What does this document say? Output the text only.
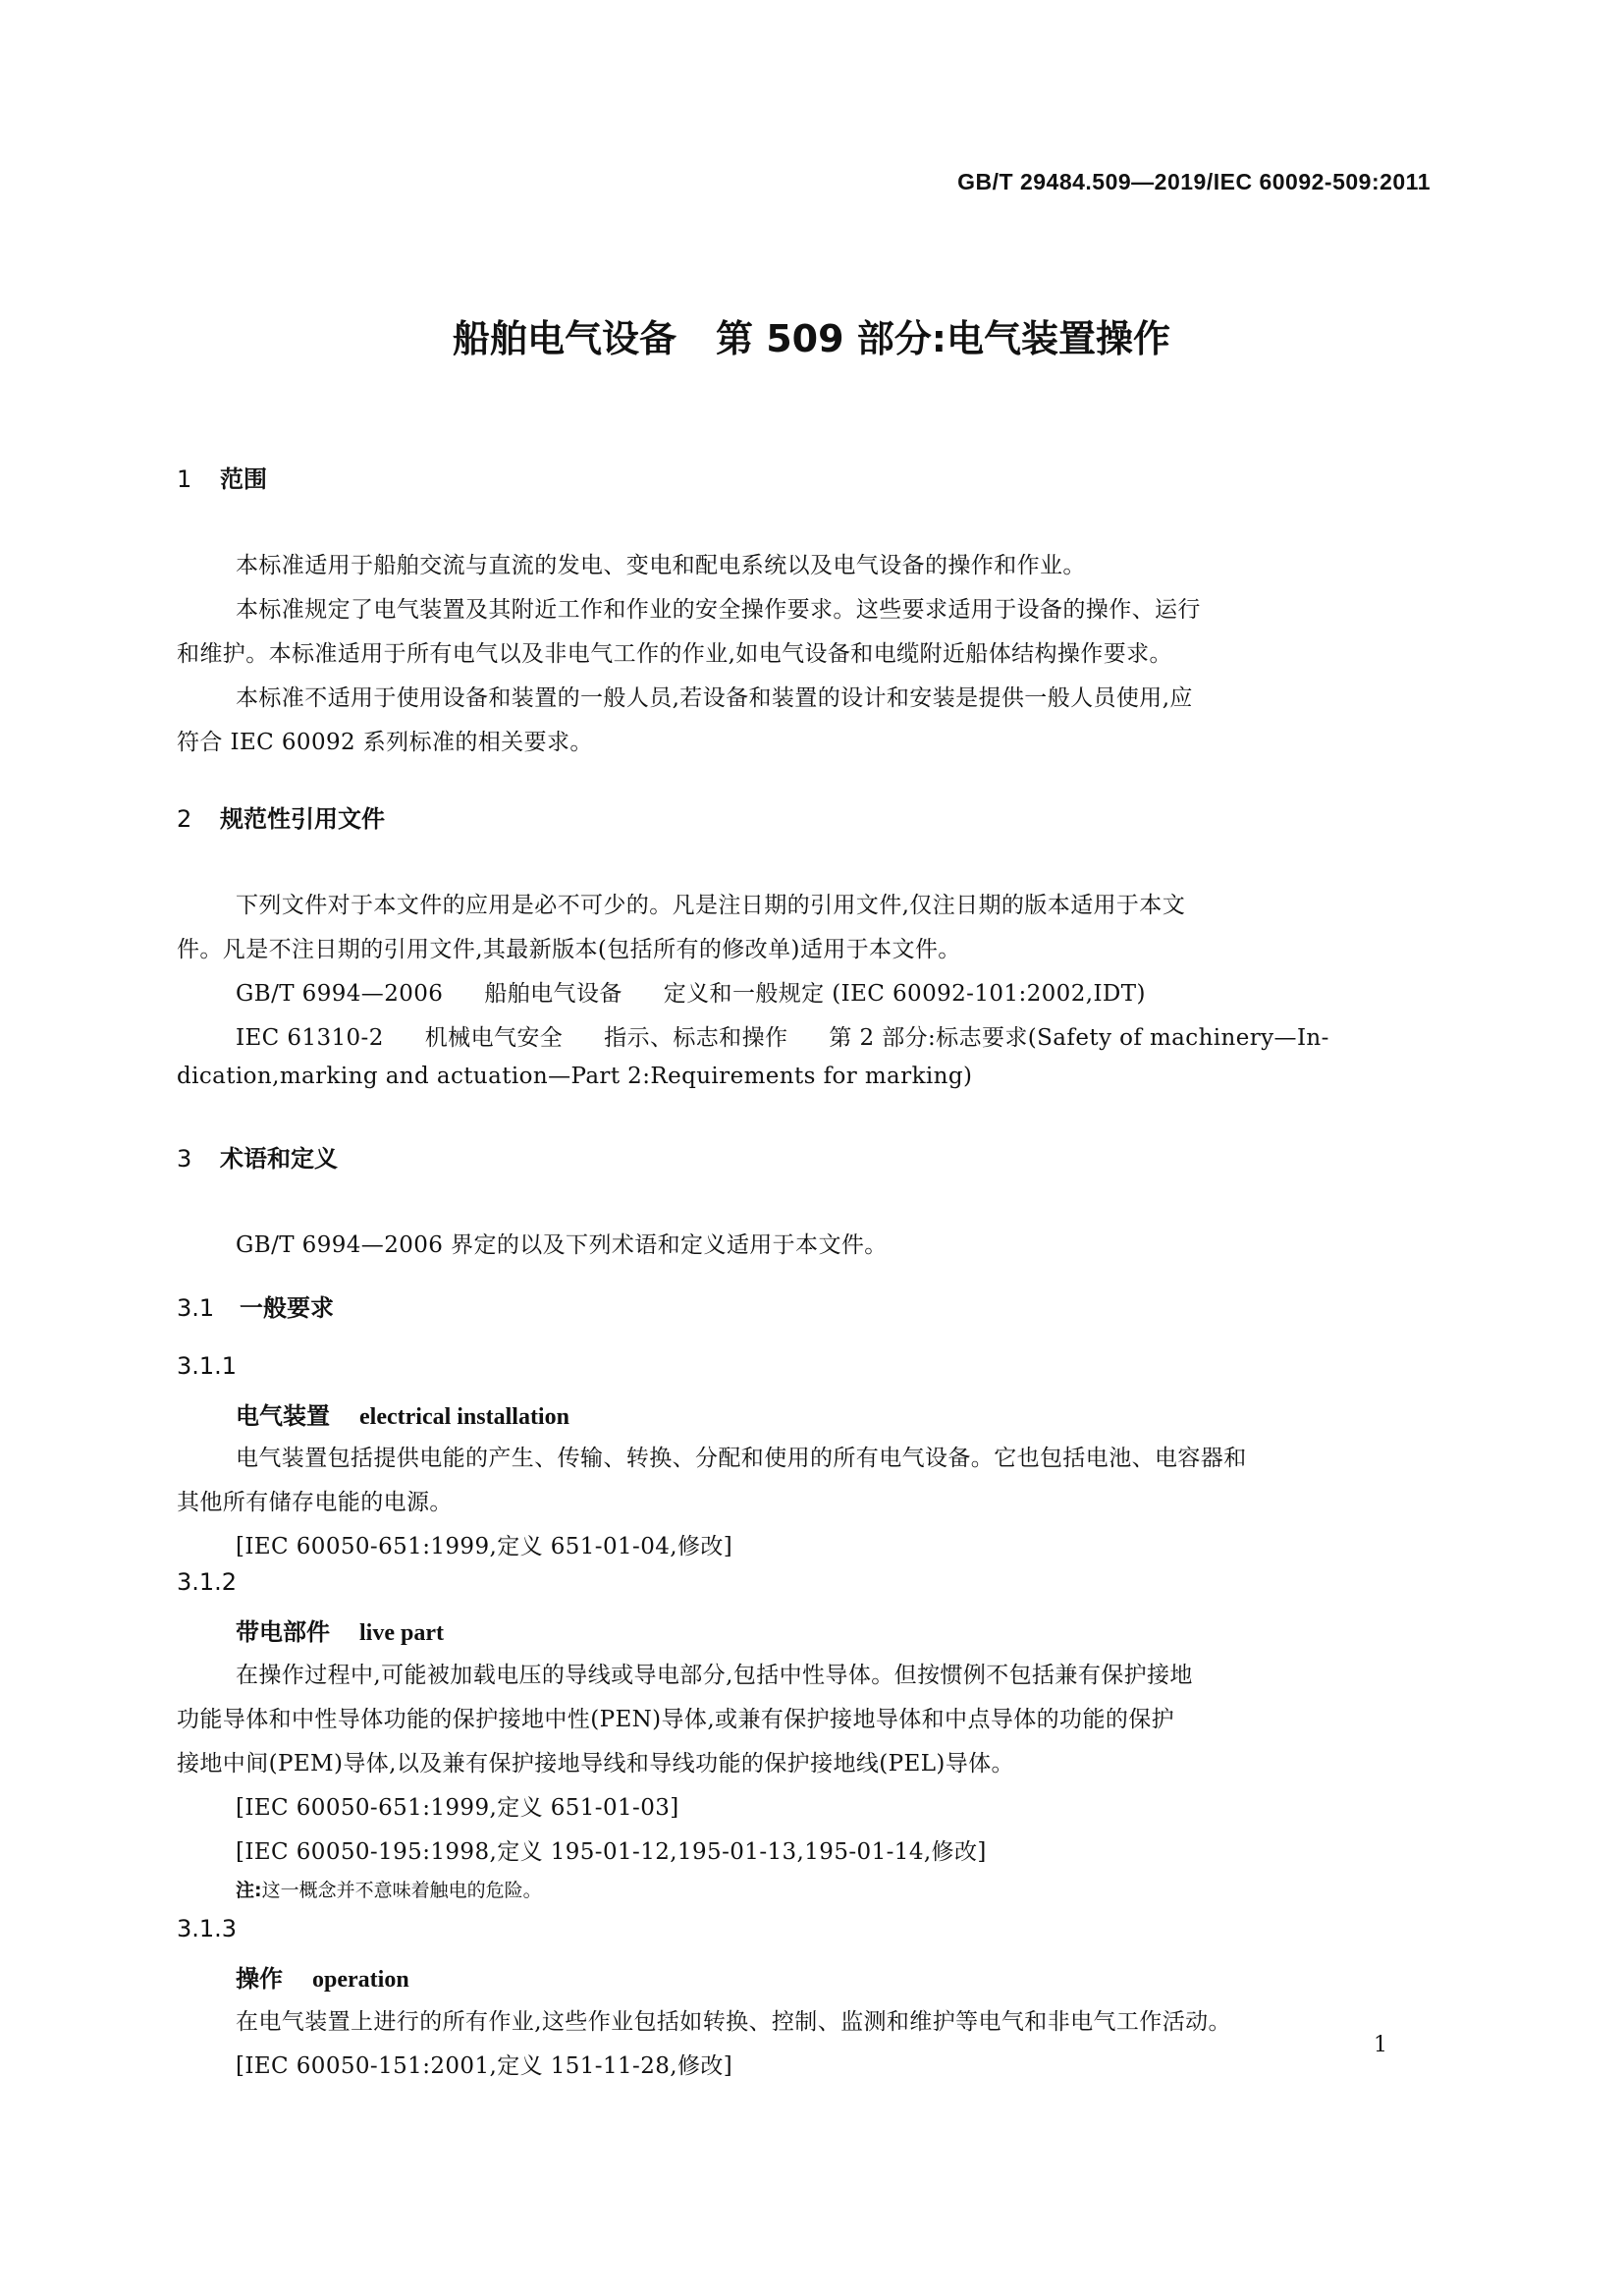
GB/T 29484.509—2019/IEC 60092-509:2011
船舶电气设备 第 509 部分:电气装置操作
1 范围
本标准适用于船舶交流与直流的发电、变电和配电系统以及电气设备的操作和作业。
本标准规定了电气装置及其附近工作和作业的安全操作要求。这些要求适用于设备的操作、运行
和维护。本标准适用于所有电气以及非电气工作的作业,如电气设备和电缆附近船体结构操作要求。
本标准不适用于使用设备和装置的一般人员,若设备和装置的设计和安装是提供一般人员使用,应
符合 IEC 60092 系列标准的相关要求。
2 规范性引用文件
下列文件对于本文件的应用是必不可少的。凡是注日期的引用文件,仅注日期的版本适用于本文
件。凡是不注日期的引用文件,其最新版本(包括所有的修改单)适用于本文件。
GB/T 6994—2006 船舶电气设备 定义和一般规定 (IEC 60092-101:2002,IDT)
IEC 61310-2 机械电气安全 指示、标志和操作 第 2 部分:标志要求(Safety of machinery—In-
dication,marking and actuation—Part 2:Requirements for marking)
3 术语和定义
GB/T 6994—2006 界定的以及下列术语和定义适用于本文件。
3.1 一般要求
3.1.1
电气装置 electrical installation
电气装置包括提供电能的产生、传输、转换、分配和使用的所有电气设备。它也包括电池、电容器和
其他所有储存电能的电源。
[IEC 60050-651:1999,定义 651-01-04,修改]
3.1.2
带电部件 live part
在操作过程中,可能被加载电压的导线或导电部分,包括中性导体。但按惯例不包括兼有保护接地
功能导体和中性导体功能的保护接地中性(PEN)导体,或兼有保护接地导体和中点导体的功能的保护
接地中间(PEM)导体,以及兼有保护接地导线和导线功能的保护接地线(PEL)导体。
[IEC 60050-651:1999,定义 651-01-03]
[IEC 60050-195:1998,定义 195-01-12,195-01-13,195-01-14,修改]
注:这一概念并不意味着触电的危险。
3.1.3
操作 operation
在电气装置上进行的所有作业,这些作业包括如转换、控制、监测和维护等电气和非电气工作活动。
[IEC 60050-151:2001,定义 151-11-28,修改]
1
